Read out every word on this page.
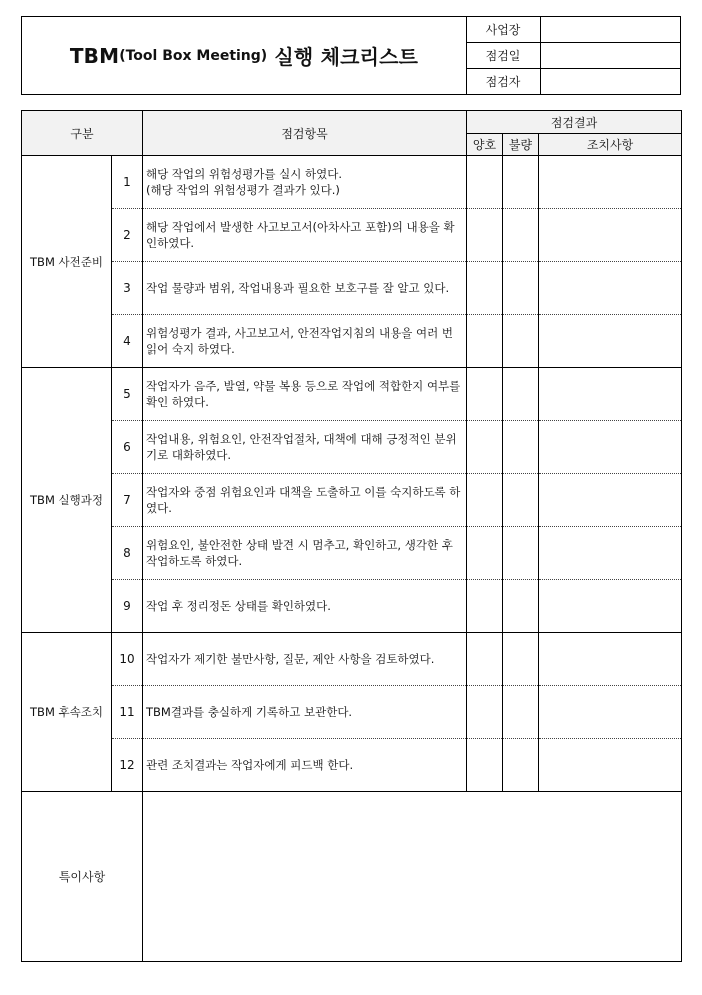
TBM (Tool Box Meeting) 실행 체크리스트
사업장
점검일
점검자
구분		점검항목	점검결과		
			양호	불량	조치사항
TBM 사전준비	1	해당 작업의 위험성평가를 실시 하였다.
(해당 작업의 위험성평가 결과가 있다.)			
	2	해당 작업에서 발생한 사고보고서(아차사고 포함)의 내용을 확인하였다.			
	3	작업 물량과 범위, 작업내용과 필요한 보호구를 잘 알고 있다.			
	4	위험성평가 결과, 사고보고서, 안전작업지침의 내용을 여러 번 읽어 숙지 하였다.			
TBM 실행과정	5	작업자가 음주, 발열, 약물 복용 등으로 작업에 적합한지 여부를 확인 하였다.			
	6	작업내용, 위험요인, 안전작업절차, 대책에 대해 긍정적인 분위기로 대화하였다.			
	7	작업자와 중점 위험요인과 대책을 도출하고 이를 숙지하도록 하였다.			
	8	위험요인, 불안전한 상태 발견 시 멈추고, 확인하고, 생각한 후 작업하도록 하였다.			
	9	작업 후 정리정돈 상태를 확인하였다.			
TBM 후속조치	10	작업자가 제기한 불만사항, 질문, 제안 사항을 검토하였다.			
	11	TBM결과를 충실하게 기록하고 보관한다.			
	12	관련 조치결과는 작업자에게 피드백 한다.			
특이사항					
